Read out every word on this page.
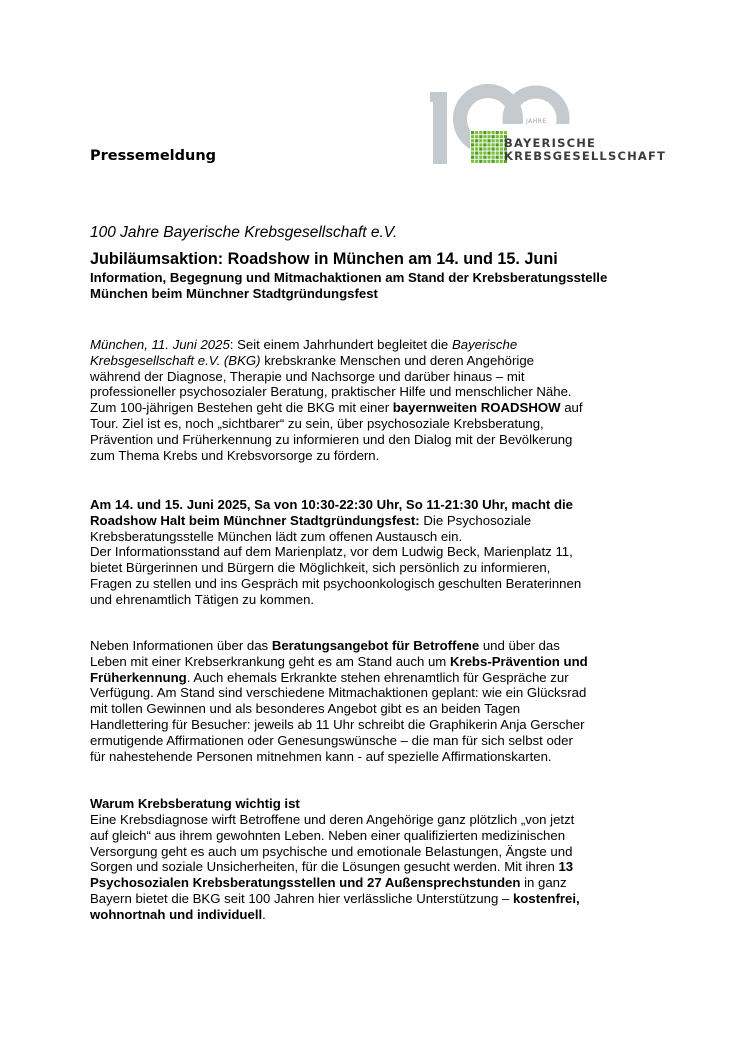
Pressemeldung
JAHRE
BAYERISCHE
KREBSGESELLSCHAFT
100 Jahre Bayerische Krebsgesellschaft e.V.
Jubiläumsaktion: Roadshow in München am 14. und 15. Juni
Information, Begegnung und Mitmachaktionen am Stand der Krebsberatungsstelle München beim Münchner Stadtgründungsfest
München, 11. Juni 2025: Seit einem Jahrhundert begleitet die Bayerische
Krebsgesellschaft e.V. (BKG) krebskranke Menschen und deren Angehörige
während der Diagnose, Therapie und Nachsorge und darüber hinaus – mit
professioneller psychosozialer Beratung, praktischer Hilfe und menschlicher Nähe.
Zum 100-jährigen Bestehen geht die BKG mit einer bayernweiten ROADSHOW auf
Tour. Ziel ist es, noch „sichtbarer“ zu sein, über psychosoziale Krebsberatung,
Prävention und Früherkennung zu informieren und den Dialog mit der Bevölkerung
zum Thema Krebs und Krebsvorsorge zu fördern.
Am 14. und 15. Juni 2025, Sa von 10:30-22:30 Uhr, So 11-21:30 Uhr, macht die
Roadshow Halt beim Münchner Stadtgründungsfest: Die Psychosoziale
Krebsberatungsstelle München lädt zum offenen Austausch ein.
Der Informationsstand auf dem Marienplatz, vor dem Ludwig Beck, Marienplatz 11,
bietet Bürgerinnen und Bürgern die Möglichkeit, sich persönlich zu informieren,
Fragen zu stellen und ins Gespräch mit psychoonkologisch geschulten Beraterinnen
und ehrenamtlich Tätigen zu kommen.
Neben Informationen über das Beratungsangebot für Betroffene und über das
Leben mit einer Krebserkrankung geht es am Stand auch um Krebs-Prävention und
Früherkennung. Auch ehemals Erkrankte stehen ehrenamtlich für Gespräche zur
Verfügung. Am Stand sind verschiedene Mitmachaktionen geplant: wie ein Glücksrad
mit tollen Gewinnen und als besonderes Angebot gibt es an beiden Tagen
Handlettering für Besucher: jeweils ab 11 Uhr schreibt die Graphikerin Anja Gerscher
ermutigende Affirmationen oder Genesungswünsche – die man für sich selbst oder
für nahestehende Personen mitnehmen kann - auf spezielle Affirmationskarten.
Warum Krebsberatung wichtig ist
Eine Krebsdiagnose wirft Betroffene und deren Angehörige ganz plötzlich „von jetzt
auf gleich“ aus ihrem gewohnten Leben. Neben einer qualifizierten medizinischen
Versorgung geht es auch um psychische und emotionale Belastungen, Ängste und
Sorgen und soziale Unsicherheiten, für die Lösungen gesucht werden. Mit ihren 13
Psychosozialen Krebsberatungsstellen und 27 Außensprechstunden in ganz
Bayern bietet die BKG seit 100 Jahren hier verlässliche Unterstützung – kostenfrei,
wohnortnah und individuell.
